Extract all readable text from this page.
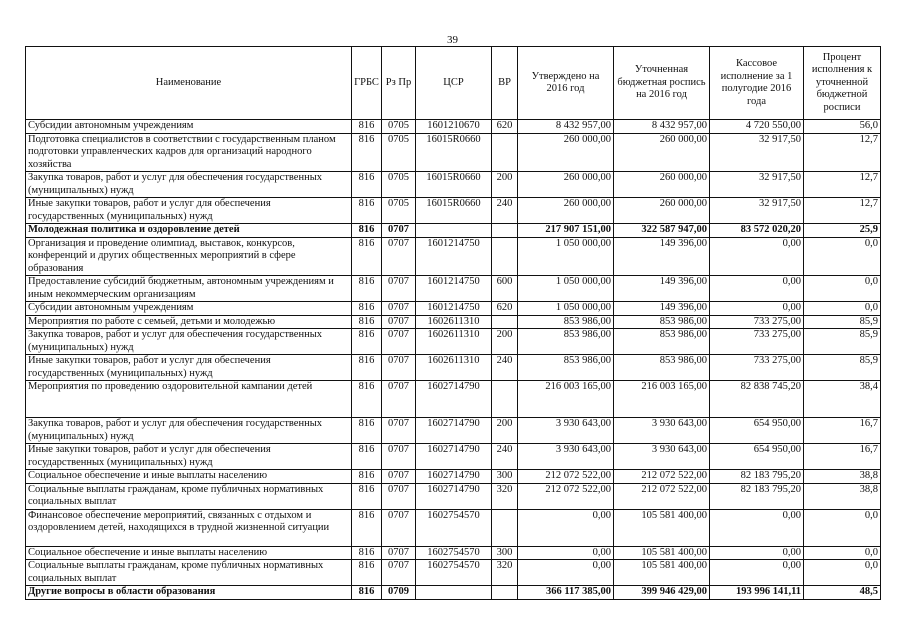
39
Наименование	ГРБС	Рз Пр	ЦСР	ВР	Утверждено на 2016 год	Уточненная бюджетная роспись на 2016 год	Кассовое исполнение за 1 полугодие 2016 года	Процент исполнения к уточненной бюджетной росписи
Субсидии автономным учреждениям	816	0705	1601210670	620	8 432 957,00	8 432 957,00	4 720 550,00	56,0
Подготовка специалистов в соответствии с государственным планом подготовки управленческих кадров для организаций народного хозяйства	816	0705	16015R0660		260 000,00	260 000,00	32 917,50	12,7
Закупка товаров, работ и услуг для обеспечения государственных (муниципальных) нужд	816	0705	16015R0660	200	260 000,00	260 000,00	32 917,50	12,7
Иные закупки товаров, работ и услуг для обеспечения государственных (муниципальных) нужд	816	0705	16015R0660	240	260 000,00	260 000,00	32 917,50	12,7
Молодежная политика и оздоровление детей	816	0707			217 907 151,00	322 587 947,00	83 572 020,20	25,9
Организация и проведение олимпиад, выставок, конкурсов, конференций и других общественных мероприятий в сфере образования	816	0707	1601214750		1 050 000,00	149 396,00	0,00	0,0
Предоставление субсидий бюджетным, автономным учреждениям и иным некоммерческим организациям	816	0707	1601214750	600	1 050 000,00	149 396,00	0,00	0,0
Субсидии автономным учреждениям	816	0707	1601214750	620	1 050 000,00	149 396,00	0,00	0,0
Мероприятия по работе с семьей, детьми и молодежью	816	0707	1602611310		853 986,00	853 986,00	733 275,00	85,9
Закупка товаров, работ и услуг для обеспечения государственных (муниципальных) нужд	816	0707	1602611310	200	853 986,00	853 986,00	733 275,00	85,9
Иные закупки товаров, работ и услуг для обеспечения государственных (муниципальных) нужд	816	0707	1602611310	240	853 986,00	853 986,00	733 275,00	85,9
Мероприятия по проведению оздоровительной кампании детей	816	0707	1602714790		216 003 165,00	216 003 165,00	82 838 745,20	38,4
Закупка товаров, работ и услуг для обеспечения государственных (муниципальных) нужд	816	0707	1602714790	200	3 930 643,00	3 930 643,00	654 950,00	16,7
Иные закупки товаров, работ и услуг для обеспечения государственных (муниципальных) нужд	816	0707	1602714790	240	3 930 643,00	3 930 643,00	654 950,00	16,7
Социальное обеспечение и иные выплаты населению	816	0707	1602714790	300	212 072 522,00	212 072 522,00	82 183 795,20	38,8
Социальные выплаты гражданам, кроме публичных нормативных социальных выплат	816	0707	1602714790	320	212 072 522,00	212 072 522,00	82 183 795,20	38,8
Финансовое обеспечение мероприятий, связанных с отдыхом и оздоровлением детей, находящихся в трудной жизненной ситуации	816	0707	1602754570		0,00	105 581 400,00	0,00	0,0
Социальное обеспечение и иные выплаты населению	816	0707	1602754570	300	0,00	105 581 400,00	0,00	0,0
Социальные выплаты гражданам, кроме публичных нормативных социальных выплат	816	0707	1602754570	320	0,00	105 581 400,00	0,00	0,0
Другие вопросы в области образования	816	0709			366 117 385,00	399 946 429,00	193 996 141,11	48,5
